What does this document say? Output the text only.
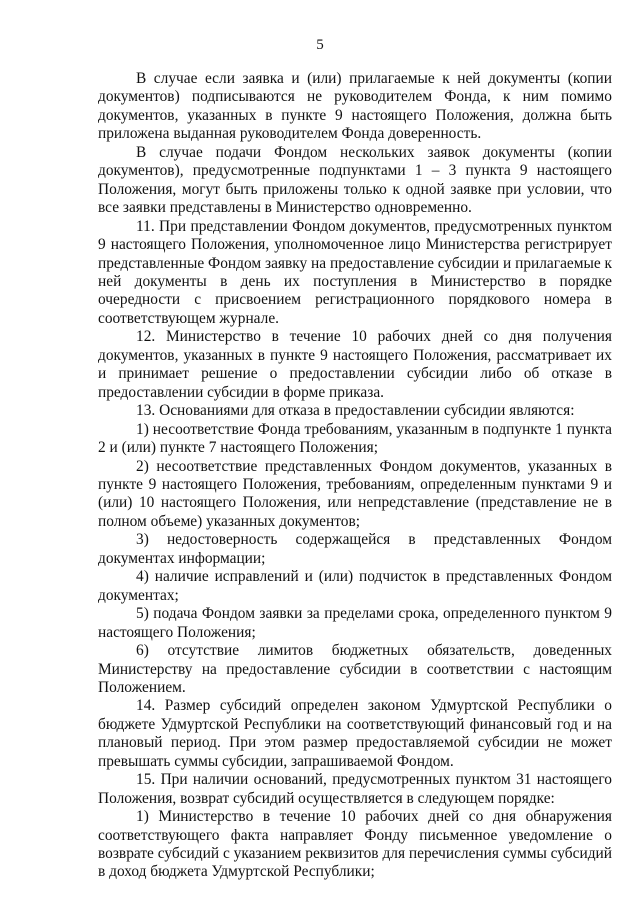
5

В случае если заявка и (или) прилагаемые к ней документы (копии документов) подписываются не руководителем Фонда, к ним помимо документов, указанных в пункте 9 настоящего Положения, должна быть приложена выданная руководителем Фонда доверенность.

В случае подачи Фондом нескольких заявок документы (копии документов), предусмотренные подпунктами 1 – 3 пункта 9 настоящего Положения, могут быть приложены только к одной заявке при условии, что все заявки представлены в Министерство одновременно.

11. При представлении Фондом документов, предусмотренных пунктом 9 настоящего Положения, уполномоченное лицо Министерства регистрирует представленные Фондом заявку на предоставление субсидии и прилагаемые к ней документы в день их поступления в Министерство в порядке очередности с присвоением регистрационного порядкового номера в соответствующем журнале.

12. Министерство в течение 10 рабочих дней со дня получения документов, указанных в пункте 9 настоящего Положения, рассматривает их и принимает решение о предоставлении субсидии либо об отказе в предоставлении субсидии в форме приказа.

13. Основаниями для отказа в предоставлении субсидии являются:

1) несоответствие Фонда требованиям, указанным в подпункте 1 пункта 2 и (или) пункте 7 настоящего Положения;

2) несоответствие представленных Фондом документов, указанных в пункте 9 настоящего Положения, требованиям, определенным пунктами 9 и (или) 10 настоящего Положения, или непредставление (представление не в полном объеме) указанных документов;

3) недостоверность содержащейся в представленных Фондом документах информации;

4) наличие исправлений и (или) подчисток в представленных Фондом документах;

5) подача Фондом заявки за пределами срока, определенного пунктом 9 настоящего Положения;

6) отсутствие лимитов бюджетных обязательств, доведенных Министерству на предоставление субсидии в соответствии с настоящим Положением.

14. Размер субсидий определен законом Удмуртской Республики о бюджете Удмуртской Республики на соответствующий финансовый год и на плановый период. При этом размер предоставляемой субсидии не может превышать суммы субсидии, запрашиваемой Фондом.

15. При наличии оснований, предусмотренных пунктом 31 настоящего Положения, возврат субсидий осуществляется в следующем порядке:

1) Министерство в течение 10 рабочих дней со дня обнаружения соответствующего факта направляет Фонду письменное уведомление о возврате субсидий с указанием реквизитов для перечисления суммы субсидий в доход бюджета Удмуртской Республики;
